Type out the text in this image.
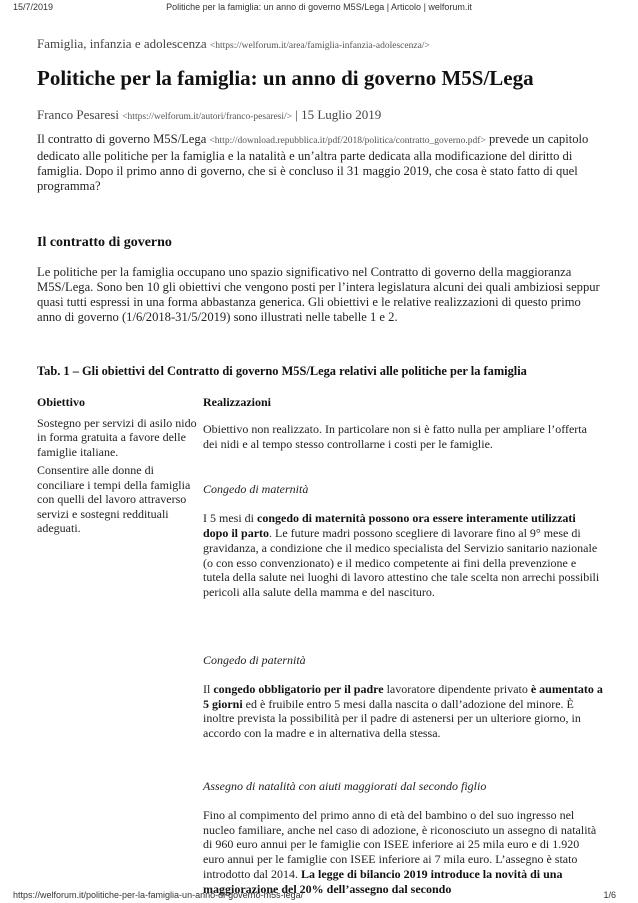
15/7/2019	Politiche per la famiglia: un anno di governo M5S/Lega | Articolo | welforum.it
Famiglia, infanzia e adolescenza <https://welforum.it/area/famiglia-infanzia-adolescenza/>
Politiche per la famiglia: un anno di governo M5S/Lega
Franco Pesaresi <https://welforum.it/autori/franco-pesaresi/> | 15 Luglio 2019

Il contratto di governo M5S/Lega <http://download.repubblica.it/pdf/2018/politica/contratto_governo.pdf> prevede un capitolo dedicato alle politiche per la famiglia e la natalità e un’altra parte dedicata alla modificazione del diritto di famiglia. Dopo il primo anno di governo, che si è concluso il 31 maggio 2019, che cosa è stato fatto di quel programma?

Il contratto di governo

Le politiche per la famiglia occupano uno spazio significativo nel Contratto di governo della maggioranza M5S/Lega. Sono ben 10 gli obiettivi che vengono posti per l’intera legislatura alcuni dei quali ambiziosi seppur quasi tutti espressi in una forma abbastanza generica. Gli obiettivi e le relative realizzazioni di questo primo anno di governo (1/6/2018-31/5/2019) sono illustrati nelle tabelle 1 e 2.

Tab. 1 – Gli obiettivi del Contratto di governo M5S/Lega relativi alle politiche per la famiglia

Obiettivo

Sostegno per servizi di asilo nido in forma gratuita a favore delle famiglie italiane.

Consentire alle donne di conciliare i tempi della famiglia con quelli del lavoro attraverso servizi e sostegni reddituali adeguati.

Realizzazioni

Obiettivo non realizzato. In particolare non si è fatto nulla per ampliare l’offerta dei nidi e al tempo stesso controllarne i costi per le famiglie.

Congedo di maternità

I 5 mesi di congedo di maternità possono ora essere interamente utilizzati dopo il parto. Le future madri possono scegliere di lavorare fino al 9° mese di gravidanza, a condizione che il medico specialista del Servizio sanitario nazionale (o con esso convenzionato) e il medico competente ai fini della prevenzione e tutela della salute nei luoghi di lavoro attestino che tale scelta non arrechi possibili pericoli alla salute della mamma e del nascituro.

Congedo di paternità

Il congedo obbligatorio per il padre lavoratore dipendente privato è aumentato a 5 giorni ed è fruibile entro 5 mesi dalla nascita o dall’adozione del minore. È inoltre prevista la possibilità per il padre di astenersi per un ulteriore giorno, in accordo con la madre e in alternativa della stessa.

Assegno di natalità con aiuti maggiorati dal secondo figlio

Fino al compimento del primo anno di età del bambino o del suo ingresso nel nucleo familiare, anche nel caso di adozione, è riconosciuto un assegno di natalità di 960 euro annui per le famiglie con ISEE inferiore ai 25 mila euro e di 1.920 euro annui per le famiglie con ISEE inferiore ai 7 mila euro. L’assegno è stato introdotto dal 2014. La legge di bilancio 2019 introduce la novità di una maggiorazione del 20% dell’assegno dal secondo

https://welforum.it/politiche-per-la-famiglia-un-anno-di-governo-m5s-lega/	1/6
